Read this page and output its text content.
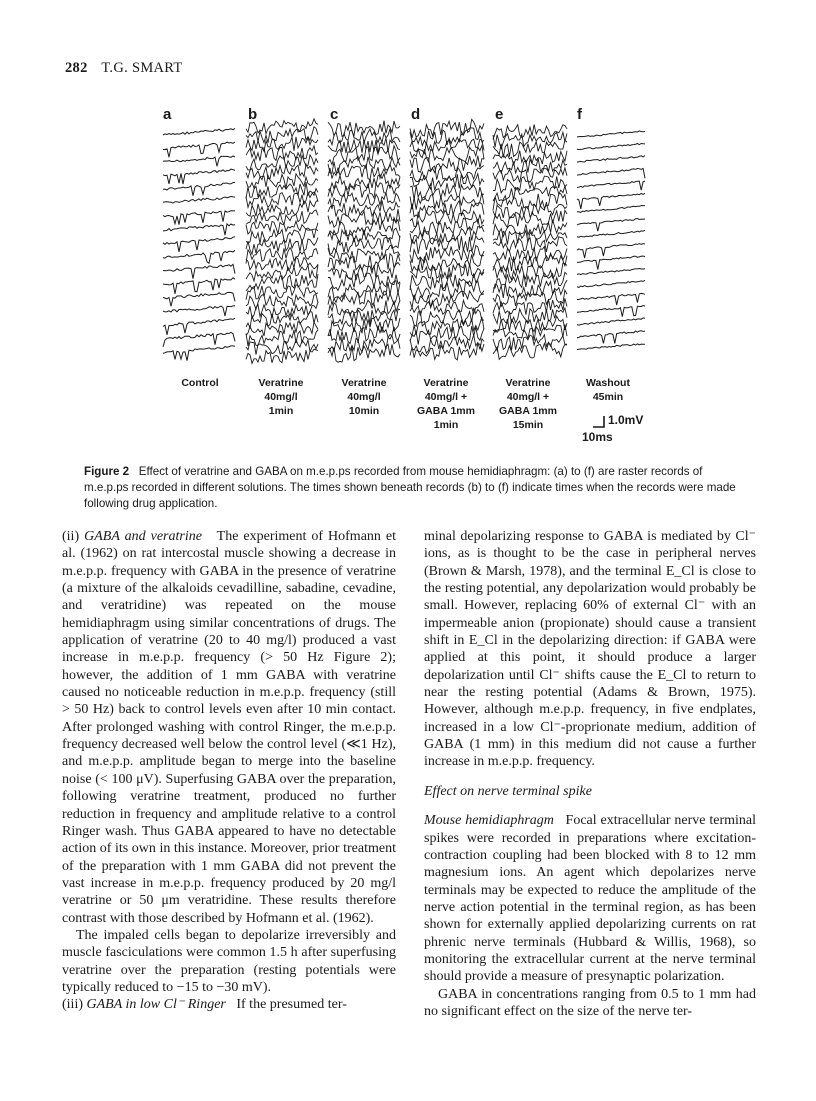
282 T.G. SMART
a	b	c	d	e	f
Control	Veratrine
40mg/l
1min
Veratrine
40mg/l
10min
Veratrine
40mg/l +
GABA 1mm
1min
Veratrine
40mg/l +
GABA 1mm
15min
Washout
45min
1.0mV
10ms
Figure 2 Effect of veratrine and GABA on m.e.p.ps recorded from mouse hemidiaphragm: (a) to (f) are raster records of m.e.p.ps recorded in different solutions. The times shown beneath records (b) to (f) indicate times when the records were made following drug application.

(ii) GABA and veratrine The experiment of Hofmann et al. (1962) on rat intercostal muscle showing a decrease in m.e.p.p. frequency with GABA in the presence of veratrine (a mixture of the alkaloids cevadilline, sabadine, cevadine, and veratridine) was repeated on the mouse hemidiaphragm using similar concentrations of drugs. The application of veratrine (20 to 40 mg/l) produced a vast increase in m.e.p.p. frequency (> 50 Hz Figure 2); however, the addition of 1 mm GABA with veratrine caused no noticeable reduction in m.e.p.p. frequency (still > 50 Hz) back to control levels even after 10 min contact. After prolonged washing with control Ringer, the m.e.p.p. frequency decreased well below the control level (≪1 Hz), and m.e.p.p. amplitude began to merge into the baseline noise (< 100 μV). Superfusing GABA over the preparation, following veratrine treatment, produced no further reduction in frequency and amplitude relative to a control Ringer wash. Thus GABA appeared to have no detectable action of its own in this instance. Moreover, prior treatment of the preparation with 1 mm GABA did not prevent the vast increase in m.e.p.p. frequency produced by 20 mg/l veratrine or 50 μm veratridine. These results therefore contrast with those described by Hofmann et al. (1962).

The impaled cells began to depolarize irreversibly and muscle fasciculations were common 1.5 h after superfusing veratrine over the preparation (resting potentials were typically reduced to −15 to −30 mV).

(iii) GABA in low Cl⁻ Ringer If the presumed ter-

minal depolarizing response to GABA is mediated by Cl⁻ ions, as is thought to be the case in peripheral nerves (Brown & Marsh, 1978), and the terminal E_Cl is close to the resting potential, any depolarization would probably be small. However, replacing 60% of external Cl⁻ with an impermeable anion (propionate) should cause a transient shift in E_Cl in the depolarizing direction: if GABA were applied at this point, it should produce a larger depolarization until Cl⁻ shifts cause the E_Cl to return to near the resting potential (Adams & Brown, 1975). However, although m.e.p.p. frequency, in five endplates, increased in a low Cl⁻-proprionate medium, addition of GABA (1 mm) in this medium did not cause a further increase in m.e.p.p. frequency.

Effect on nerve terminal spike

Mouse hemidiaphragm Focal extracellular nerve terminal spikes were recorded in preparations where excitation-contraction coupling had been blocked with 8 to 12 mm magnesium ions. An agent which depolarizes nerve terminals may be expected to reduce the amplitude of the nerve action potential in the terminal region, as has been shown for externally applied depolarizing currents on rat phrenic nerve terminals (Hubbard & Willis, 1968), so monitoring the extracellular current at the nerve terminal should provide a measure of presynaptic polarization.

GABA in concentrations ranging from 0.5 to 1 mm had no significant effect on the size of the nerve ter-
